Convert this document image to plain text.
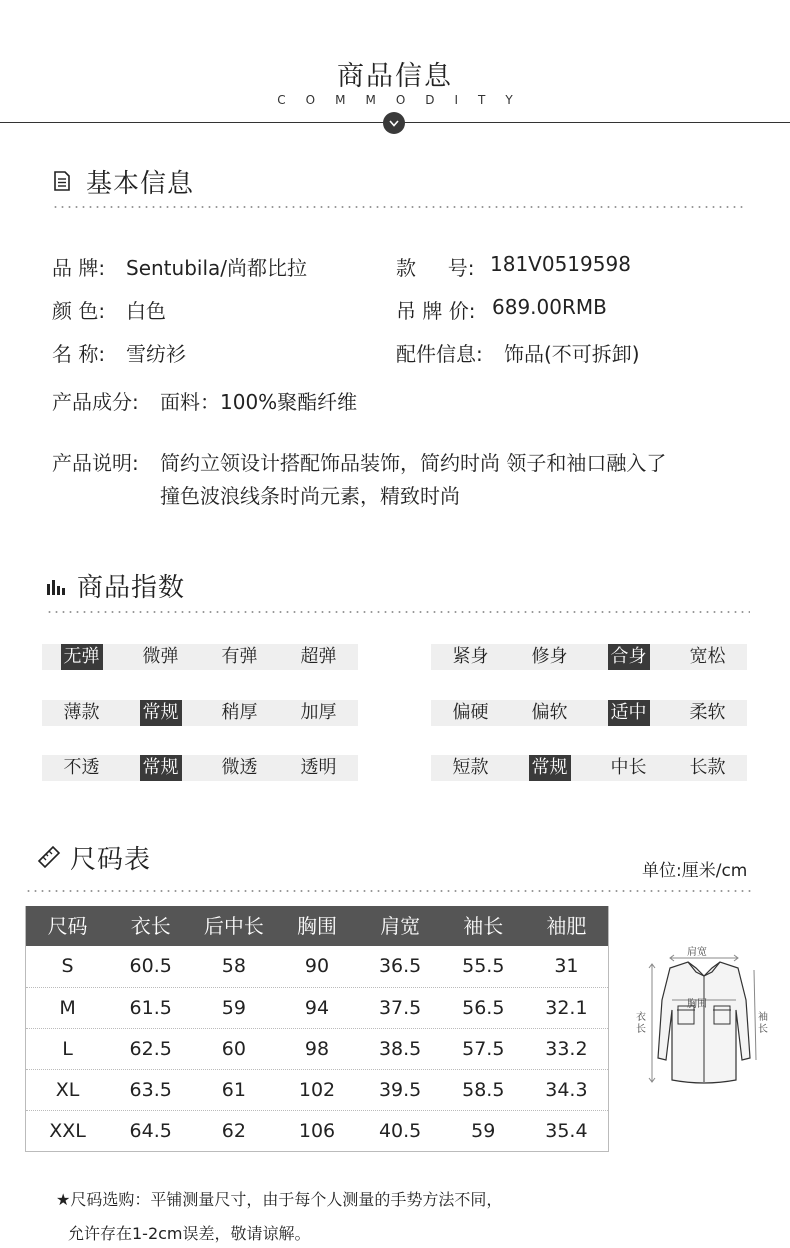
商品信息
COMMODITY
基本信息
品 牌: Sentubila/尚都比拉	款     号: 181V0519598
颜 色: 白色	吊 牌 价: 689.00RMB
名 称: 雪纺衫	配件信息: 饰品(不可拆卸)
产品成分: 面料：100%聚酯纤维
产品说明: 简约立领设计搭配饰品装饰，简约时尚 领子和袖口融入了
撞色波浪线条时尚元素，精致时尚
商品指数
无弹	微弹	有弹	超弹	紧身	修身	合身	宽松
薄款	常规	稍厚	加厚	偏硬	偏软	适中	柔软
不透	常规	微透	透明	短款	常规	中长	长款
尺码表	单位:厘米/cm
尺码	衣长	后中长	胸围	肩宽	袖长	袖肥
S	60.5	58	90	36.5	55.5	31
M	61.5	59	94	37.5	56.5	32.1
L	62.5	60	98	38.5	57.5	33.2
XL	63.5	61	102	39.5	58.5	34.3
XXL	64.5	62	106	40.5	59	35.4
肩宽
胸围
衣长
袖长
★尺码选购：平铺测量尺寸，由于每个人测量的手势方法不同，
允许存在1-2cm误差，敬请谅解。
